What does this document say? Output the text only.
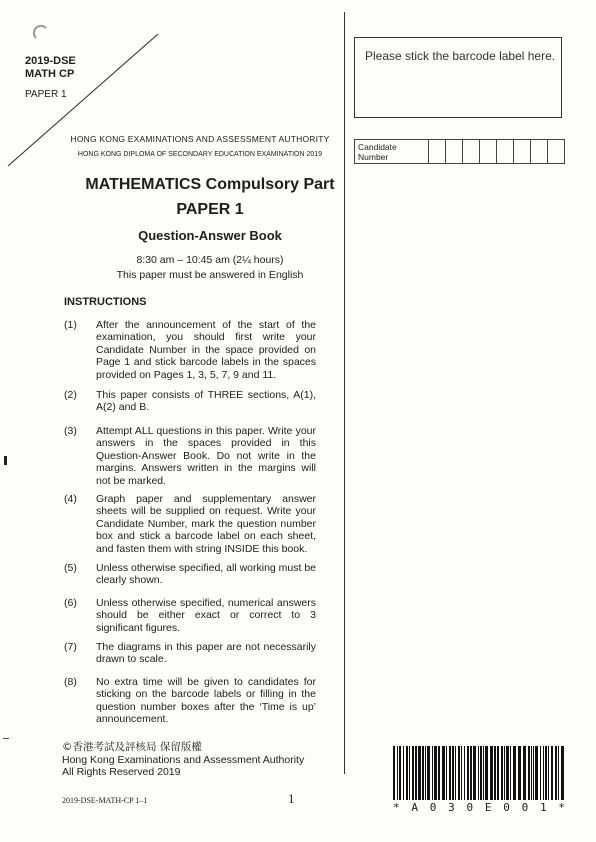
2019-DSE
MATH CP
PAPER 1
HONG KONG EXAMINATIONS AND ASSESSMENT AUTHORITY
HONG KONG DIPLOMA OF SECONDARY EDUCATION EXAMINATION 2019
MATHEMATICS Compulsory Part
PAPER 1
Question-Answer Book
8:30 am – 10:45 am (2¼ hours)
This paper must be answered in English
INSTRUCTIONS
(1)	After the announcement of the start of the examination, you should first write your Candidate Number in the space provided on Page 1 and stick barcode labels in the spaces provided on Pages 1, 3, 5, 7, 9 and 11.
(2)	This paper consists of THREE sections, A(1), A(2) and B.
(3)	Attempt ALL questions in this paper. Write your answers in the spaces provided in this Question-Answer Book. Do not write in the margins. Answers written in the margins will not be marked.
(4)	Graph paper and supplementary answer sheets will be supplied on request. Write your Candidate Number, mark the question number box and stick a barcode label on each sheet, and fasten them with string INSIDE this book.
(5)	Unless otherwise specified, all working must be clearly shown.
(6)	Unless otherwise specified, numerical answers should be either exact or correct to 3 significant figures.
(7)	The diagrams in this paper are not necessarily drawn to scale.
(8)	No extra time will be given to candidates for sticking on the barcode labels or filling in the question number boxes after the ‘Time is up’ announcement.
©香港考試及評核局 保留版權
Hong Kong Examinations and Assessment Authority
All Rights Reserved 2019
2019-DSE-MATH-CP 1–1	1
Please stick the barcode label here.
Candidate Number
* A 0 3 0 E 0 0 1 *
